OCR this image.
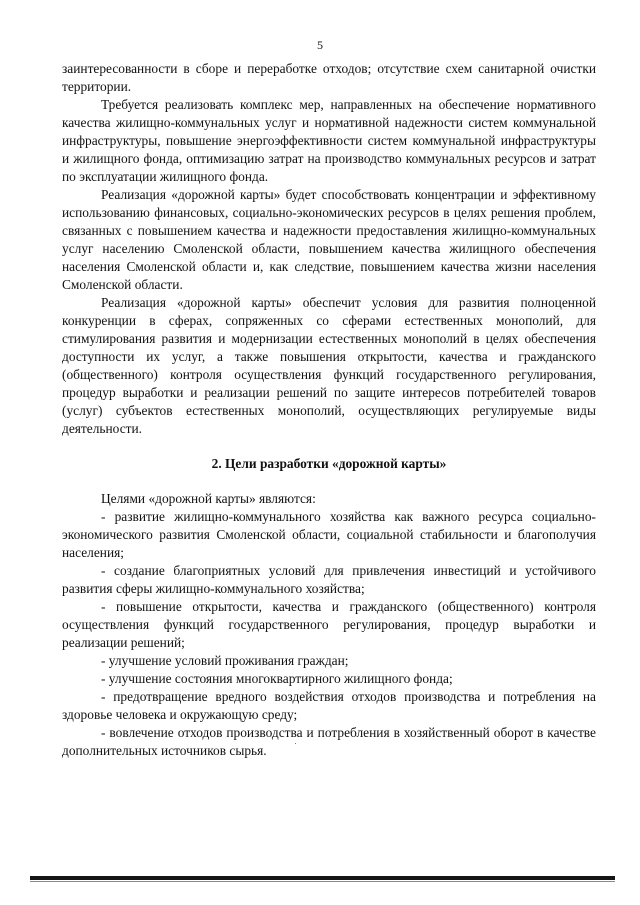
5

заинтересованности в сборе и переработке отходов; отсутствие схем санитарной очистки территории.

Требуется реализовать комплекс мер, направленных на обеспечение нормативного качества жилищно-коммунальных услуг и нормативной надежности систем коммунальной инфраструктуры, повышение энергоэффективности систем коммунальной инфраструктуры и жилищного фонда, оптимизацию затрат на производство коммунальных ресурсов и затрат по эксплуатации жилищного фонда.

Реализация «дорожной карты» будет способствовать концентрации и эффективному использованию финансовых, социально-экономических ресурсов в целях решения проблем, связанных с повышением качества и надежности предоставления жилищно-коммунальных услуг населению Смоленской области, повышением качества жилищного обеспечения населения Смоленской области и, как следствие, повышением качества жизни населения Смоленской области.

Реализация «дорожной карты» обеспечит условия для развития полноценной конкуренции в сферах, сопряженных со сферами естественных монополий, для стимулирования развития и модернизации естественных монополий в целях обеспечения доступности их услуг, а также повышения открытости, качества и гражданского (общественного) контроля осуществления функций государственного регулирования, процедур выработки и реализации решений по защите интересов потребителей товаров (услуг) субъектов естественных монополий, осуществляющих регулируемые виды деятельности.

2. Цели разработки «дорожной карты»

Целями «дорожной карты» являются:

- развитие жилищно-коммунального хозяйства как важного ресурса социально-экономического развития Смоленской области, социальной стабильности и благополучия населения;

- создание благоприятных условий для привлечения инвестиций и устойчивого развития сферы жилищно-коммунального хозяйства;

- повышение открытости, качества и гражданского (общественного) контроля осуществления функций государственного регулирования, процедур выработки и реализации решений;

- улучшение условий проживания граждан;

- улучшение состояния многоквартирного жилищного фонда;

- предотвращение вредного воздействия отходов производства и потребления на здоровье человека и окружающую среду;

- вовлечение отходов производства и потребления в хозяйственный оборот в качестве дополнительных источников сырья.
